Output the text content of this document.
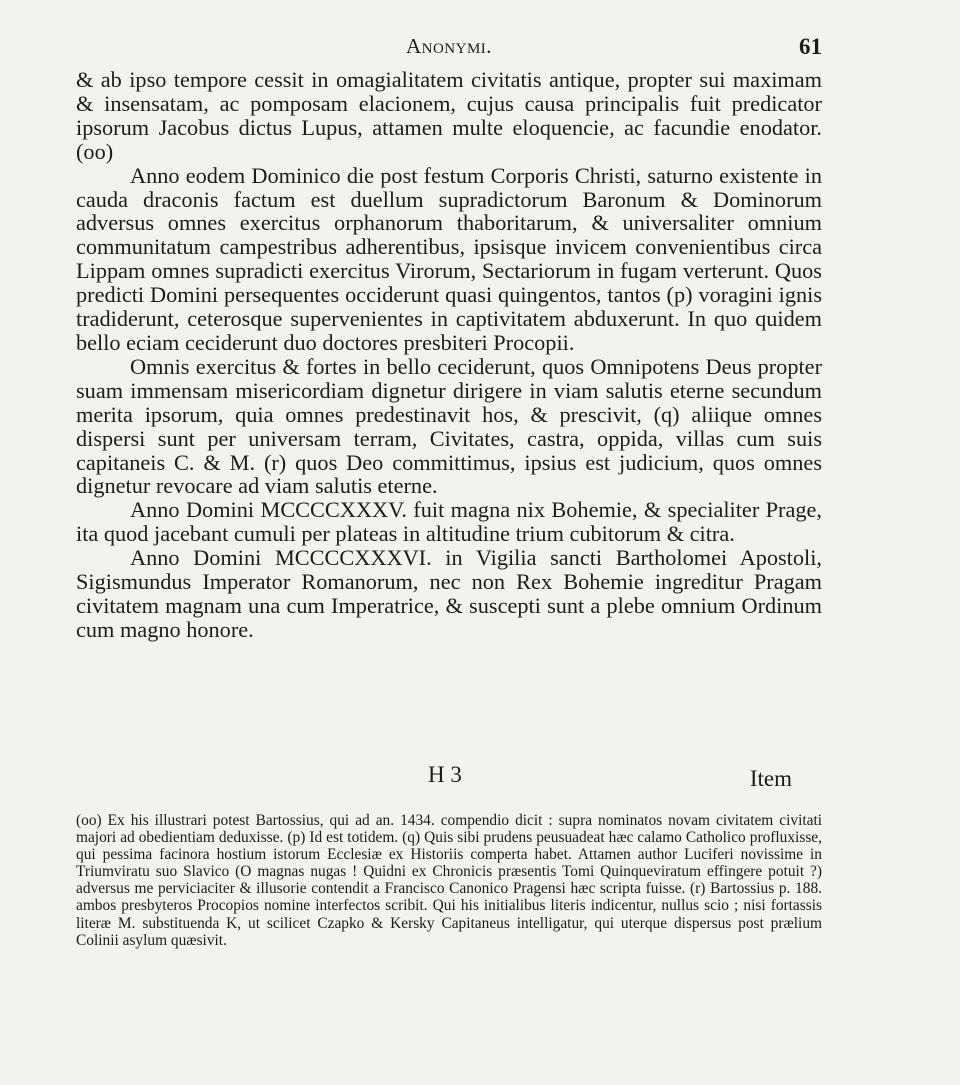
Anonymi.	61

& ab ipso tempore cessit in omagialitatem civitatis antique, propter sui maximam & insensatam, ac pomposam elacionem, cujus causa principalis fuit predicator ipsorum Jacobus dictus Lupus, attamen multe eloquencie, ac facundie enodator. (oo)

Anno eodem Dominico die post festum Corporis Christi, saturno existente in cauda draconis factum est duellum supradictorum Baronum & Dominorum adversus omnes exercitus orphanorum thaboritarum, & universaliter omnium communitatum campestribus adherentibus, ipsisque invicem convenientibus circa Lippam omnes supradicti exercitus Virorum, Sectariorum in fugam verterunt. Quos predicti Domini persequentes occiderunt quasi quingentos, tantos (p) voragini ignis tradiderunt, ceterosque supervenientes in captivitatem abduxerunt. In quo quidem bello eciam ceciderunt duo doctores presbiteri Procopii.

Omnis exercitus & fortes in bello ceciderunt, quos Omnipotens Deus propter suam immensam misericordiam dignetur dirigere in viam salutis eterne secundum merita ipsorum, quia omnes predestinavit hos, & prescivit, (q) aliique omnes dispersi sunt per universam terram, Civitates, castra, oppida, villas cum suis capitaneis C. & M. (r) quos Deo committimus, ipsius est judicium, quos omnes dignetur revocare ad viam salutis eterne.

Anno Domini MCCCCXXXV. fuit magna nix Bohemie, & specialiter Prage, ita quod jacebant cumuli per plateas in altitudine trium cubitorum & citra.

Anno Domini MCCCCXXXVI. in Vigilia sancti Bartholomei Apostoli, Sigismundus Imperator Romanorum, nec non Rex Bohemie ingreditur Pragam civitatem magnam una cum Imperatrice, & suscepti sunt a plebe omnium Ordinum cum magno honore.

H 3	Item

(oo) Ex his illustrari potest Bartossius, qui ad an. 1434. compendio dicit : supra nominatos novam civitatem civitati majori ad obedientiam deduxisse. (p) Id est totidem. (q) Quis sibi prudens peusuadeat hæc calamo Catholico profluxisse, qui pessima facinora hostium istorum Ecclesiæ ex Historiis comperta habet. Attamen author Luciferi novissime in Triumviratu suo Slavico (O magnas nugas ! Quidni ex Chronicis præsentis Tomi Quinqueviratum effingere potuit ?) adversus me perviciaciter & illusorie contendit a Francisco Canonico Pragensi hæc scripta fuisse. (r) Bartossius p. 188. ambos presbyteros Procopios nomine interfectos scribit. Qui his initialibus literis indicentur, nullus scio ; nisi fortassis literæ M. substituenda K, ut scilicet Czapko & Kersky Capitaneus intelligatur, qui uterque dispersus post prælium Colinii asylum quæsivit.
